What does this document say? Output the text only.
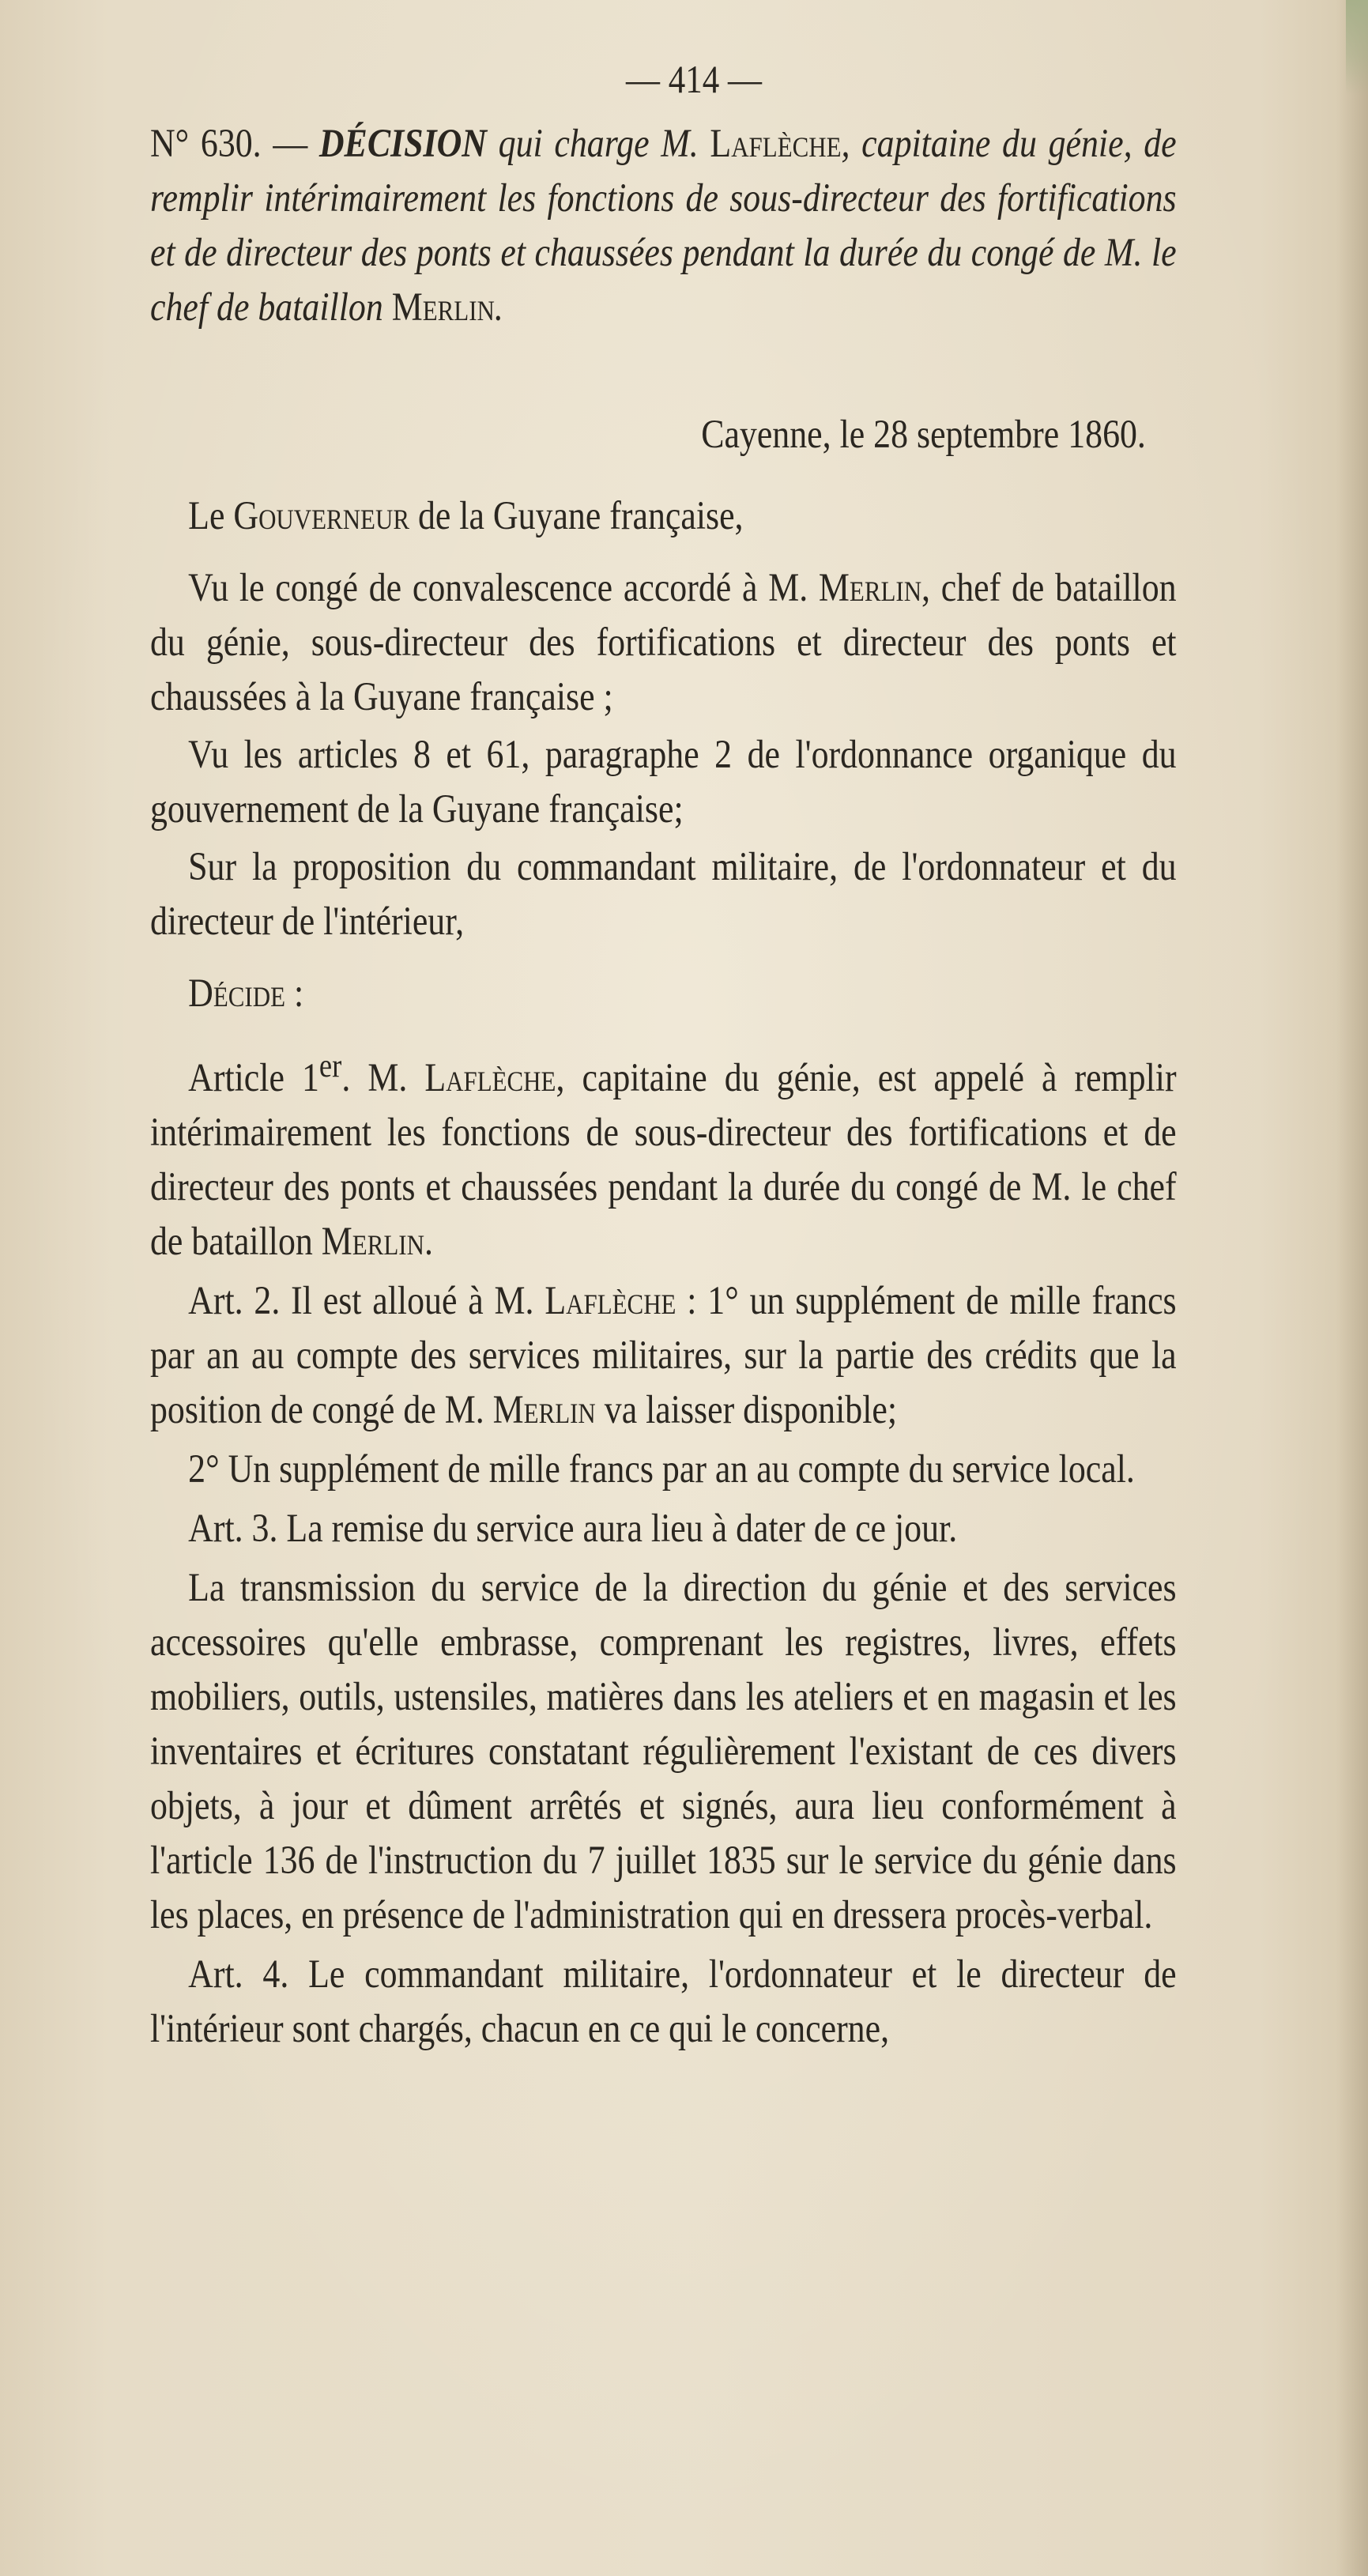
— 414 —

N° 630. — DÉCISION qui charge M. Laflèche, capitaine du génie, de remplir intérimairement les fonctions de sous-directeur des fortifications et de directeur des ponts et chaussées pendant la durée du congé de M. le chef de bataillon Merlin.

Cayenne, le 28 septembre 1860.

Le Gouverneur de la Guyane française,

Vu le congé de convalescence accordé à M. Merlin, chef de bataillon du génie, sous-directeur des fortifications et directeur des ponts et chaussées à la Guyane française ;

Vu les articles 8 et 61, paragraphe 2 de l'ordonnance organique du gouvernement de la Guyane française;

Sur la proposition du commandant militaire, de l'ordonnateur et du directeur de l'intérieur,

Décide :

Article 1er. M. Laflèche, capitaine du génie, est appelé à remplir intérimairement les fonctions de sous-directeur des fortifications et de directeur des ponts et chaussées pendant la durée du congé de M. le chef de bataillon Merlin.

Art. 2. Il est alloué à M. Laflèche : 1° un supplément de mille francs par an au compte des services militaires, sur la partie des crédits que la position de congé de M. Merlin va laisser disponible;

2° Un supplément de mille francs par an au compte du service local.

Art. 3. La remise du service aura lieu à dater de ce jour.

La transmission du service de la direction du génie et des services accessoires qu'elle embrasse, comprenant les registres, livres, effets mobiliers, outils, ustensiles, matières dans les ateliers et en magasin et les inventaires et écritures constatant régulièrement l'existant de ces divers objets, à jour et dûment arrêtés et signés, aura lieu conformément à l'article 136 de l'instruction du 7 juillet 1835 sur le service du génie dans les places, en présence de l'administration qui en dressera procès-verbal.

Art. 4. Le commandant militaire, l'ordonnateur et le directeur de l'intérieur sont chargés, chacun en ce qui le concerne,
